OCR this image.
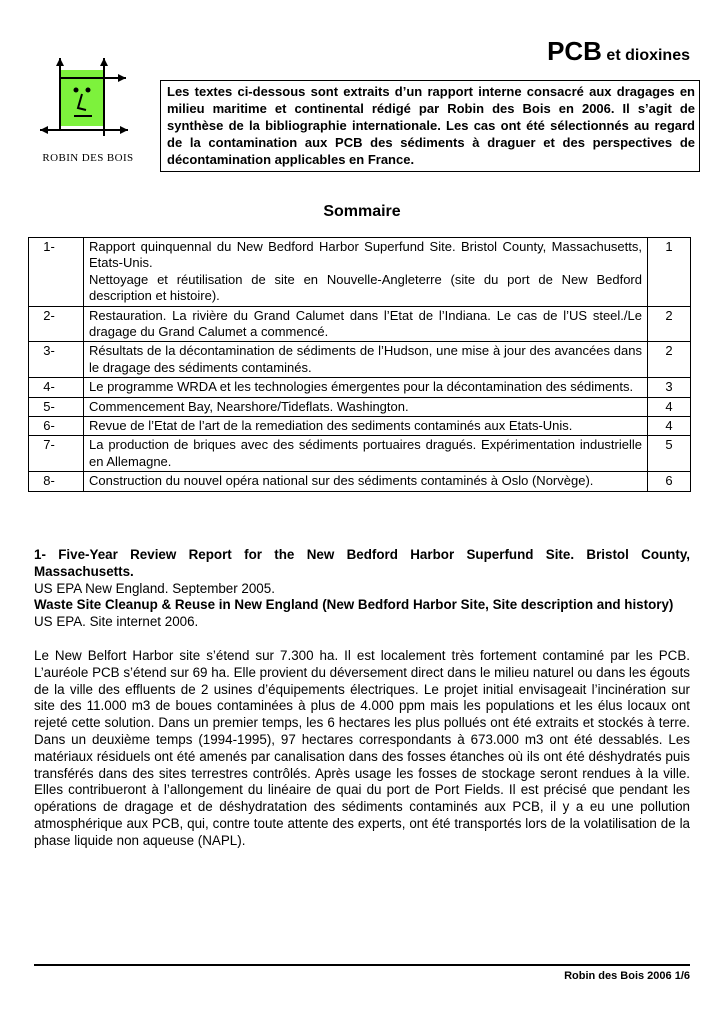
PCB et dioxines
ROBIN DES BOIS
Les textes ci-dessous sont extraits d’un rapport interne consacré aux dragages en milieu maritime et continental rédigé par Robin des Bois en 2006. Il s’agit de synthèse de la bibliographie internationale. Les cas ont été sélectionnés au regard de la contamination aux PCB des sédiments à draguer et des perspectives de décontamination applicables en France.
Sommaire
1-	Rapport quinquennal du New Bedford Harbor Superfund Site. Bristol County, Massachusetts, Etats-Unis.
Nettoyage et réutilisation de site en Nouvelle-Angleterre (site du port de New Bedford description et histoire).	1
2-	Restauration. La rivière du Grand Calumet dans l’Etat de l’Indiana. Le cas de l’US steel./Le dragage du Grand Calumet a commencé.	2
3-	Résultats de la décontamination de sédiments de l’Hudson, une mise à jour des avancées dans le dragage des sédiments contaminés.	2
4-	Le programme WRDA et les technologies émergentes pour la décontamination des sédiments.	3
5-	Commencement Bay, Nearshore/Tideflats. Washington.	4
6-	Revue de l’Etat de l’art de la remediation des sediments contaminés aux Etats-Unis.	4
7-	La production de briques avec des sédiments portuaires dragués. Expérimentation industrielle en Allemagne.	5
8-	Construction du nouvel opéra national sur des sédiments contaminés à Oslo (Norvège).	6

1- Five-Year Review Report for the New Bedford Harbor Superfund Site. Bristol County, Massachusetts.

US EPA New England. September 2005.

Waste Site Cleanup & Reuse in New England (New Bedford Harbor Site, Site description and history)

US EPA. Site internet 2006.

Le New Belfort Harbor site s’étend sur 7.300 ha. Il est localement très fortement contaminé par les PCB. L’auréole PCB s’étend sur 69 ha. Elle provient du déversement direct dans le milieu naturel ou dans les égouts de la ville des effluents de 2 usines d’équipements électriques. Le projet initial envisageait l’incinération sur site des 11.000 m3 de boues contaminées à plus de 4.000 ppm mais les populations et les élus locaux ont rejeté cette solution. Dans un premier temps, les 6 hectares les plus pollués ont été extraits et stockés à terre. Dans un deuxième temps (1994-1995), 97 hectares correspondants à 673.000 m3 ont été dessablés. Les matériaux résiduels ont été amenés par canalisation dans des fosses étanches où ils ont été déshydratés puis transférés dans des sites terrestres contrôlés. Après usage les fosses de stockage seront rendues à la ville. Elles contribueront à l’allongement du linéaire de quai du port de Port Fields. Il est précisé que pendant les opérations de dragage et de déshydratation des sédiments contaminés aux PCB, il y a eu une pollution atmosphérique aux PCB, qui, contre toute attente des experts, ont été transportés lors de la volatilisation de la phase liquide non aqueuse (NAPL).

Robin des Bois 2006 1/6
